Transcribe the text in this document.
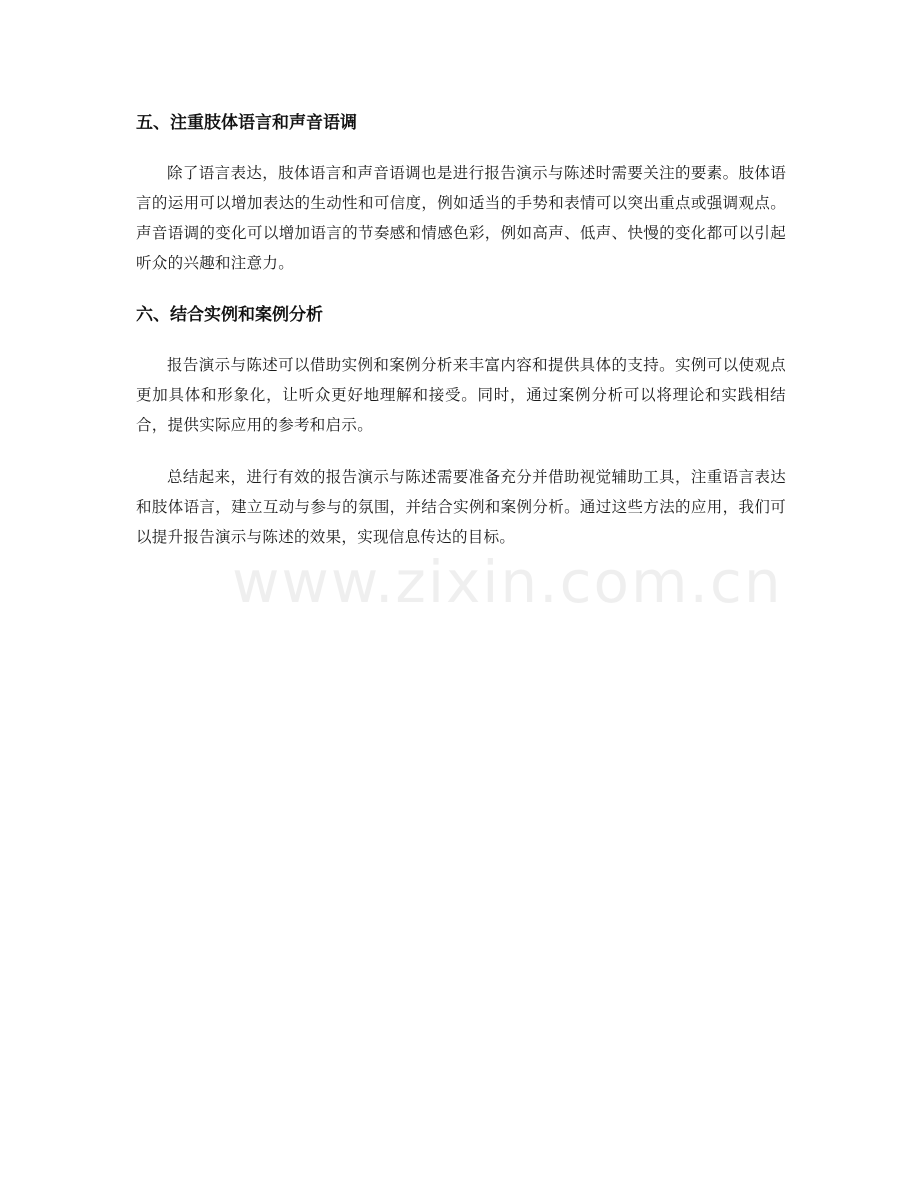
五、注重肢体语言和声音语调

除了语言表达，肢体语言和声音语调也是进行报告演示与陈述时需要关注的要素。肢体语言的运用可以增加表达的生动性和可信度，例如适当的手势和表情可以突出重点或强调观点。声音语调的变化可以增加语言的节奏感和情感色彩，例如高声、低声、快慢的变化都可以引起听众的兴趣和注意力。

六、结合实例和案例分析

报告演示与陈述可以借助实例和案例分析来丰富内容和提供具体的支持。实例可以使观点更加具体和形象化，让听众更好地理解和接受。同时，通过案例分析可以将理论和实践相结合，提供实际应用的参考和启示。

总结起来，进行有效的报告演示与陈述需要准备充分并借助视觉辅助工具，注重语言表达和肢体语言，建立互动与参与的氛围，并结合实例和案例分析。通过这些方法的应用，我们可以提升报告演示与陈述的效果，实现信息传达的目标。

www.zixin.com.cn
